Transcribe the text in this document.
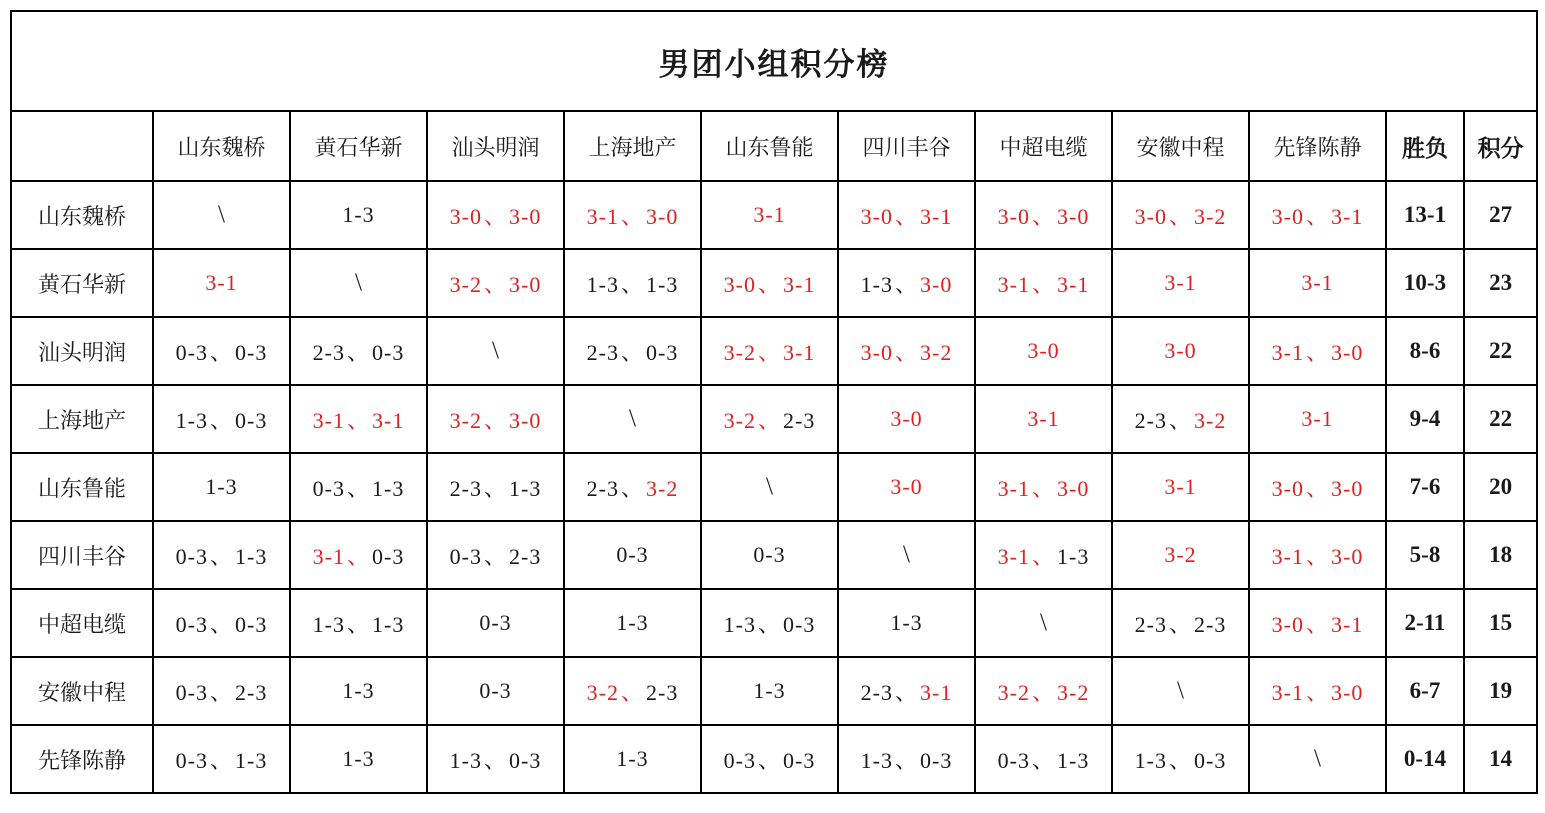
男团小组积分榜											
	山东魏桥	黄石华新	汕头明润	上海地产	山东鲁能	四川丰谷	中超电缆	安徽中程	先锋陈静	胜负	积分
山东魏桥	\	1-3	3-0、 3-0	3-1、 3-0	3-1	3-0、 3-1	3-0、 3-0	3-0、 3-2	3-0、 3-1	13-1	27
黄石华新	3-1	\	3-2、 3-0	1-3、 1-3	3-0、 3-1	1-3、 3-0	3-1、 3-1	3-1	3-1	10-3	23
汕头明润	0-3、 0-3	2-3、 0-3	\	2-3、 0-3	3-2、 3-1	3-0、 3-2	3-0	3-0	3-1、 3-0	8-6	22
上海地产	1-3、 0-3	3-1、 3-1	3-2、 3-0	\	3-2、 2-3	3-0	3-1	2-3、 3-2	3-1	9-4	22
山东鲁能	1-3	0-3、 1-3	2-3、 1-3	2-3、 3-2	\	3-0	3-1、 3-0	3-1	3-0、 3-0	7-6	20
四川丰谷	0-3、 1-3	3-1、 0-3	0-3、 2-3	0-3	0-3	\	3-1、 1-3	3-2	3-1、 3-0	5-8	18
中超电缆	0-3、 0-3	1-3、 1-3	0-3	1-3	1-3、 0-3	1-3	\	2-3、 2-3	3-0、 3-1	2-11	15
安徽中程	0-3、 2-3	1-3	0-3	3-2、 2-3	1-3	2-3、 3-1	3-2、 3-2	\	3-1、 3-0	6-7	19
先锋陈静	0-3、 1-3	1-3	1-3、 0-3	1-3	0-3、 0-3	1-3、 0-3	0-3、 1-3	1-3、 0-3	\	0-14	14
